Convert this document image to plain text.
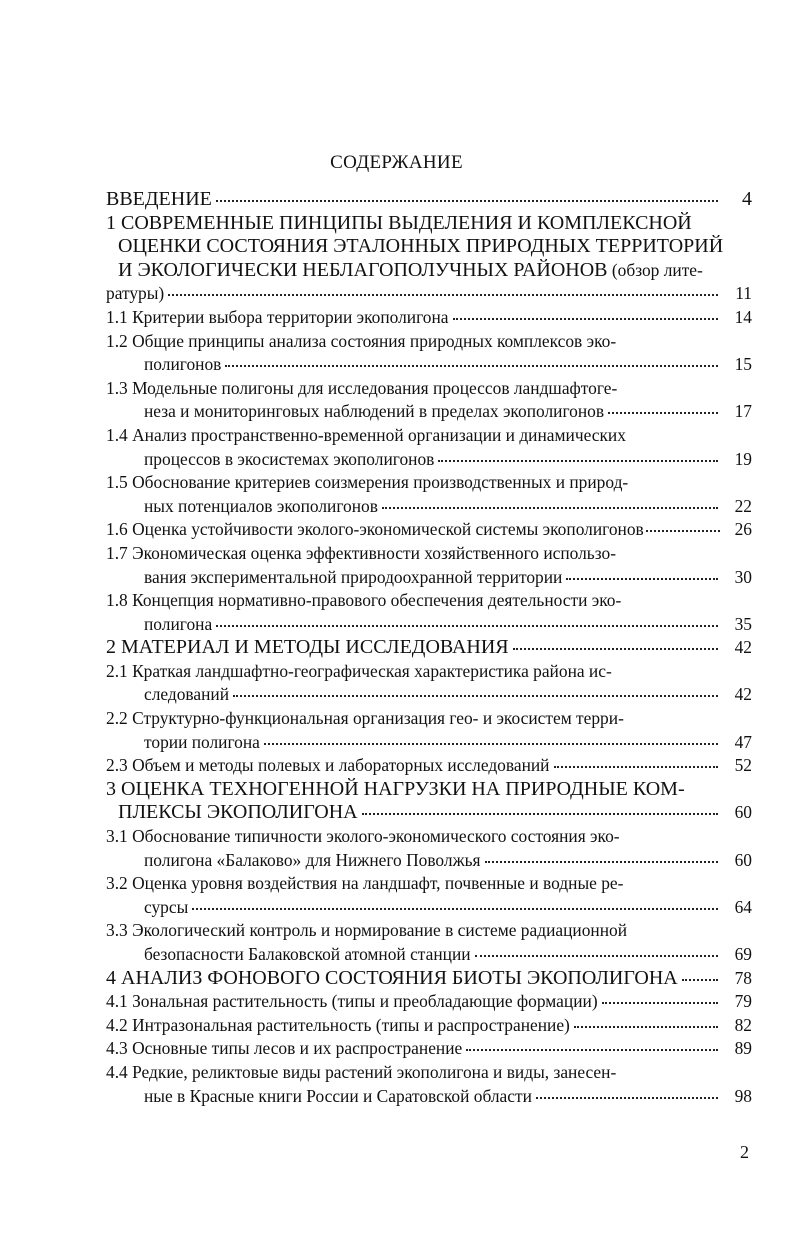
СОДЕРЖАНИЕ
ВВЕДЕНИЕ	4
1 СОВРЕМЕННЫЕ ПИНЦИПЫ ВЫДЕЛЕНИЯ И КОМПЛЕКСНОЙ
ОЦЕНКИ СОСТОЯНИЯ ЭТАЛОННЫХ ПРИРОДНЫХ ТЕРРИТОРИЙ
И ЭКОЛОГИЧЕСКИ НЕБЛАГОПОЛУЧНЫХ РАЙОНОВ (обзор лите-
ратуры)	11
1.1 Критерии выбора территории экополигона	14
1.2 Общие принципы анализа состояния природных комплексов эко-
полигонов	15
1.3 Модельные полигоны для исследования процессов ландшафтоге-
неза и мониторинговых наблюдений в пределах экополигонов	17
1.4 Анализ пространственно-временной организации и динамических
процессов в экосистемах экополигонов	19
1.5 Обоснование критериев соизмерения производственных и природ-
ных потенциалов экополигонов	22
1.6 Оценка устойчивости эколого-экономической системы экополигонов	26
1.7 Экономическая оценка эффективности хозяйственного использо-
вания экспериментальной природоохранной территории	30
1.8 Концепция нормативно-правового обеспечения деятельности эко-
полигона	35
2 МАТЕРИАЛ И МЕТОДЫ ИССЛЕДОВАНИЯ	42
2.1 Краткая ландшафтно-географическая характеристика района ис-
следований	42
2.2 Структурно-функциональная организация гео- и экосистем терри-
тории полигона	47
2.3 Объем и методы полевых и лабораторных исследований	52
3 ОЦЕНКА ТЕХНОГЕННОЙ НАГРУЗКИ НА ПРИРОДНЫЕ КОМ-
ПЛЕКСЫ ЭКОПОЛИГОНА	60
3.1 Обоснование типичности эколого-экономического состояния эко-
полигона «Балаково» для Нижнего Поволжья	60
3.2 Оценка уровня воздействия на ландшафт, почвенные и водные ре-
сурсы	64
3.3 Экологический контроль и нормирование в системе радиационной
безопасности Балаковской атомной станции	69
4 АНАЛИЗ ФОНОВОГО СОСТОЯНИЯ БИОТЫ ЭКОПОЛИГОНА	78
4.1 Зональная растительность (типы и преобладающие формации)	79
4.2 Интразональная растительность (типы и распространение)	82
4.3 Основные типы лесов и их распространение	89
4.4 Редкие, реликтовые виды растений экополигона и виды, занесен-
ные в Красные книги России и Саратовской области	98
2
